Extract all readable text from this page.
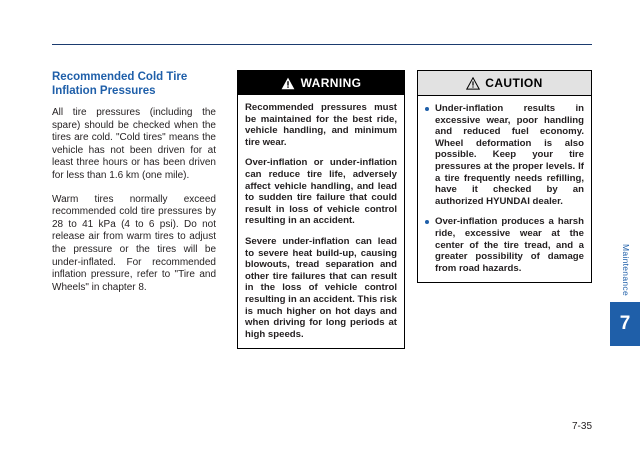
Recommended Cold Tire Inflation Pressures

All tire pressures (including the spare) should be checked when the tires are cold. "Cold tires" means the vehicle has not been driven for at least three hours or has been driven for less than 1.6 km (one mile).

Warm tires normally exceed recommended cold tire pressures by 28 to 41 kPa (4 to 6 psi). Do not release air from warm tires to adjust the pressure or the tires will be under-inflated. For recommended inflation pressure, refer to "Tire and Wheels" in chapter 8.

WARNING

Recommended pressures must be maintained for the best ride, vehicle handling, and minimum tire wear.

Over-inflation or under-inflation can reduce tire life, adversely affect vehicle handling, and lead to sudden tire failure that could result in loss of vehicle control resulting in an accident.

Severe under-inflation can lead to severe heat build-up, causing blowouts, tread separation and other tire failures that can result in the loss of vehicle control resulting in an accident. This risk is much higher on hot days and when driving for long periods at high speeds.

CAUTION
Under-inflation results in excessive wear, poor handling and reduced fuel economy. Wheel deformation is also possible. Keep your tire pressures at the proper levels. If a tire frequently needs refilling, have it checked by an authorized HYUNDAI dealer.
Over-inflation produces a harsh ride, excessive wear at the center of the tire tread, and a greater possibility of damage from road hazards.	Maintenance
7
7-35
